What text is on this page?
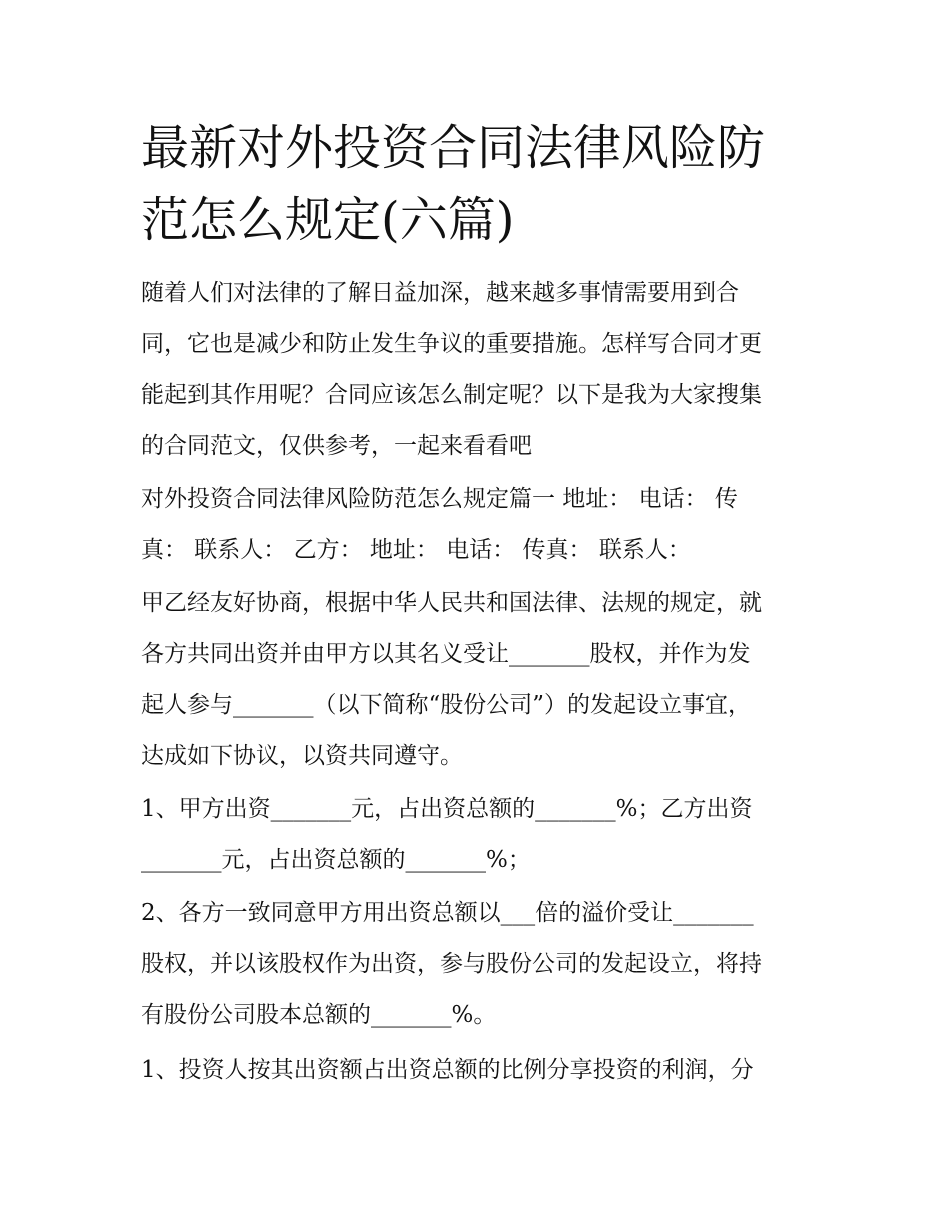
最新对外投资合同法律风险防
范怎么规定(六篇)
随着人们对法律的了解日益加深，越来越多事情需要用到合
同，它也是减少和防止发生争议的重要措施。怎样写合同才更
能起到其作用呢？合同应该怎么制定呢？以下是我为大家搜集
的合同范文，仅供参考，一起来看看吧
对外投资合同法律风险防范怎么规定篇一 地址： 电话： 传
真： 联系人： 乙方： 地址： 电话： 传真： 联系人：
甲乙经友好协商，根据中华人民共和国法律、法规的规定，就
各方共同出资并由甲方以其名义受让_______股权，并作为发
起人参与_______（以下简称“股份公司”）的发起设立事宜，
达成如下协议，以资共同遵守。
1、甲方出资_______元，占出资总额的_______%；乙方出资
_______元，占出资总额的_______%；
2、各方一致同意甲方用出资总额以___倍的溢价受让_______
股权，并以该股权作为出资，参与股份公司的发起设立，将持
有股份公司股本总额的_______%。
1、投资人按其出资额占出资总额的比例分享投资的利润，分
